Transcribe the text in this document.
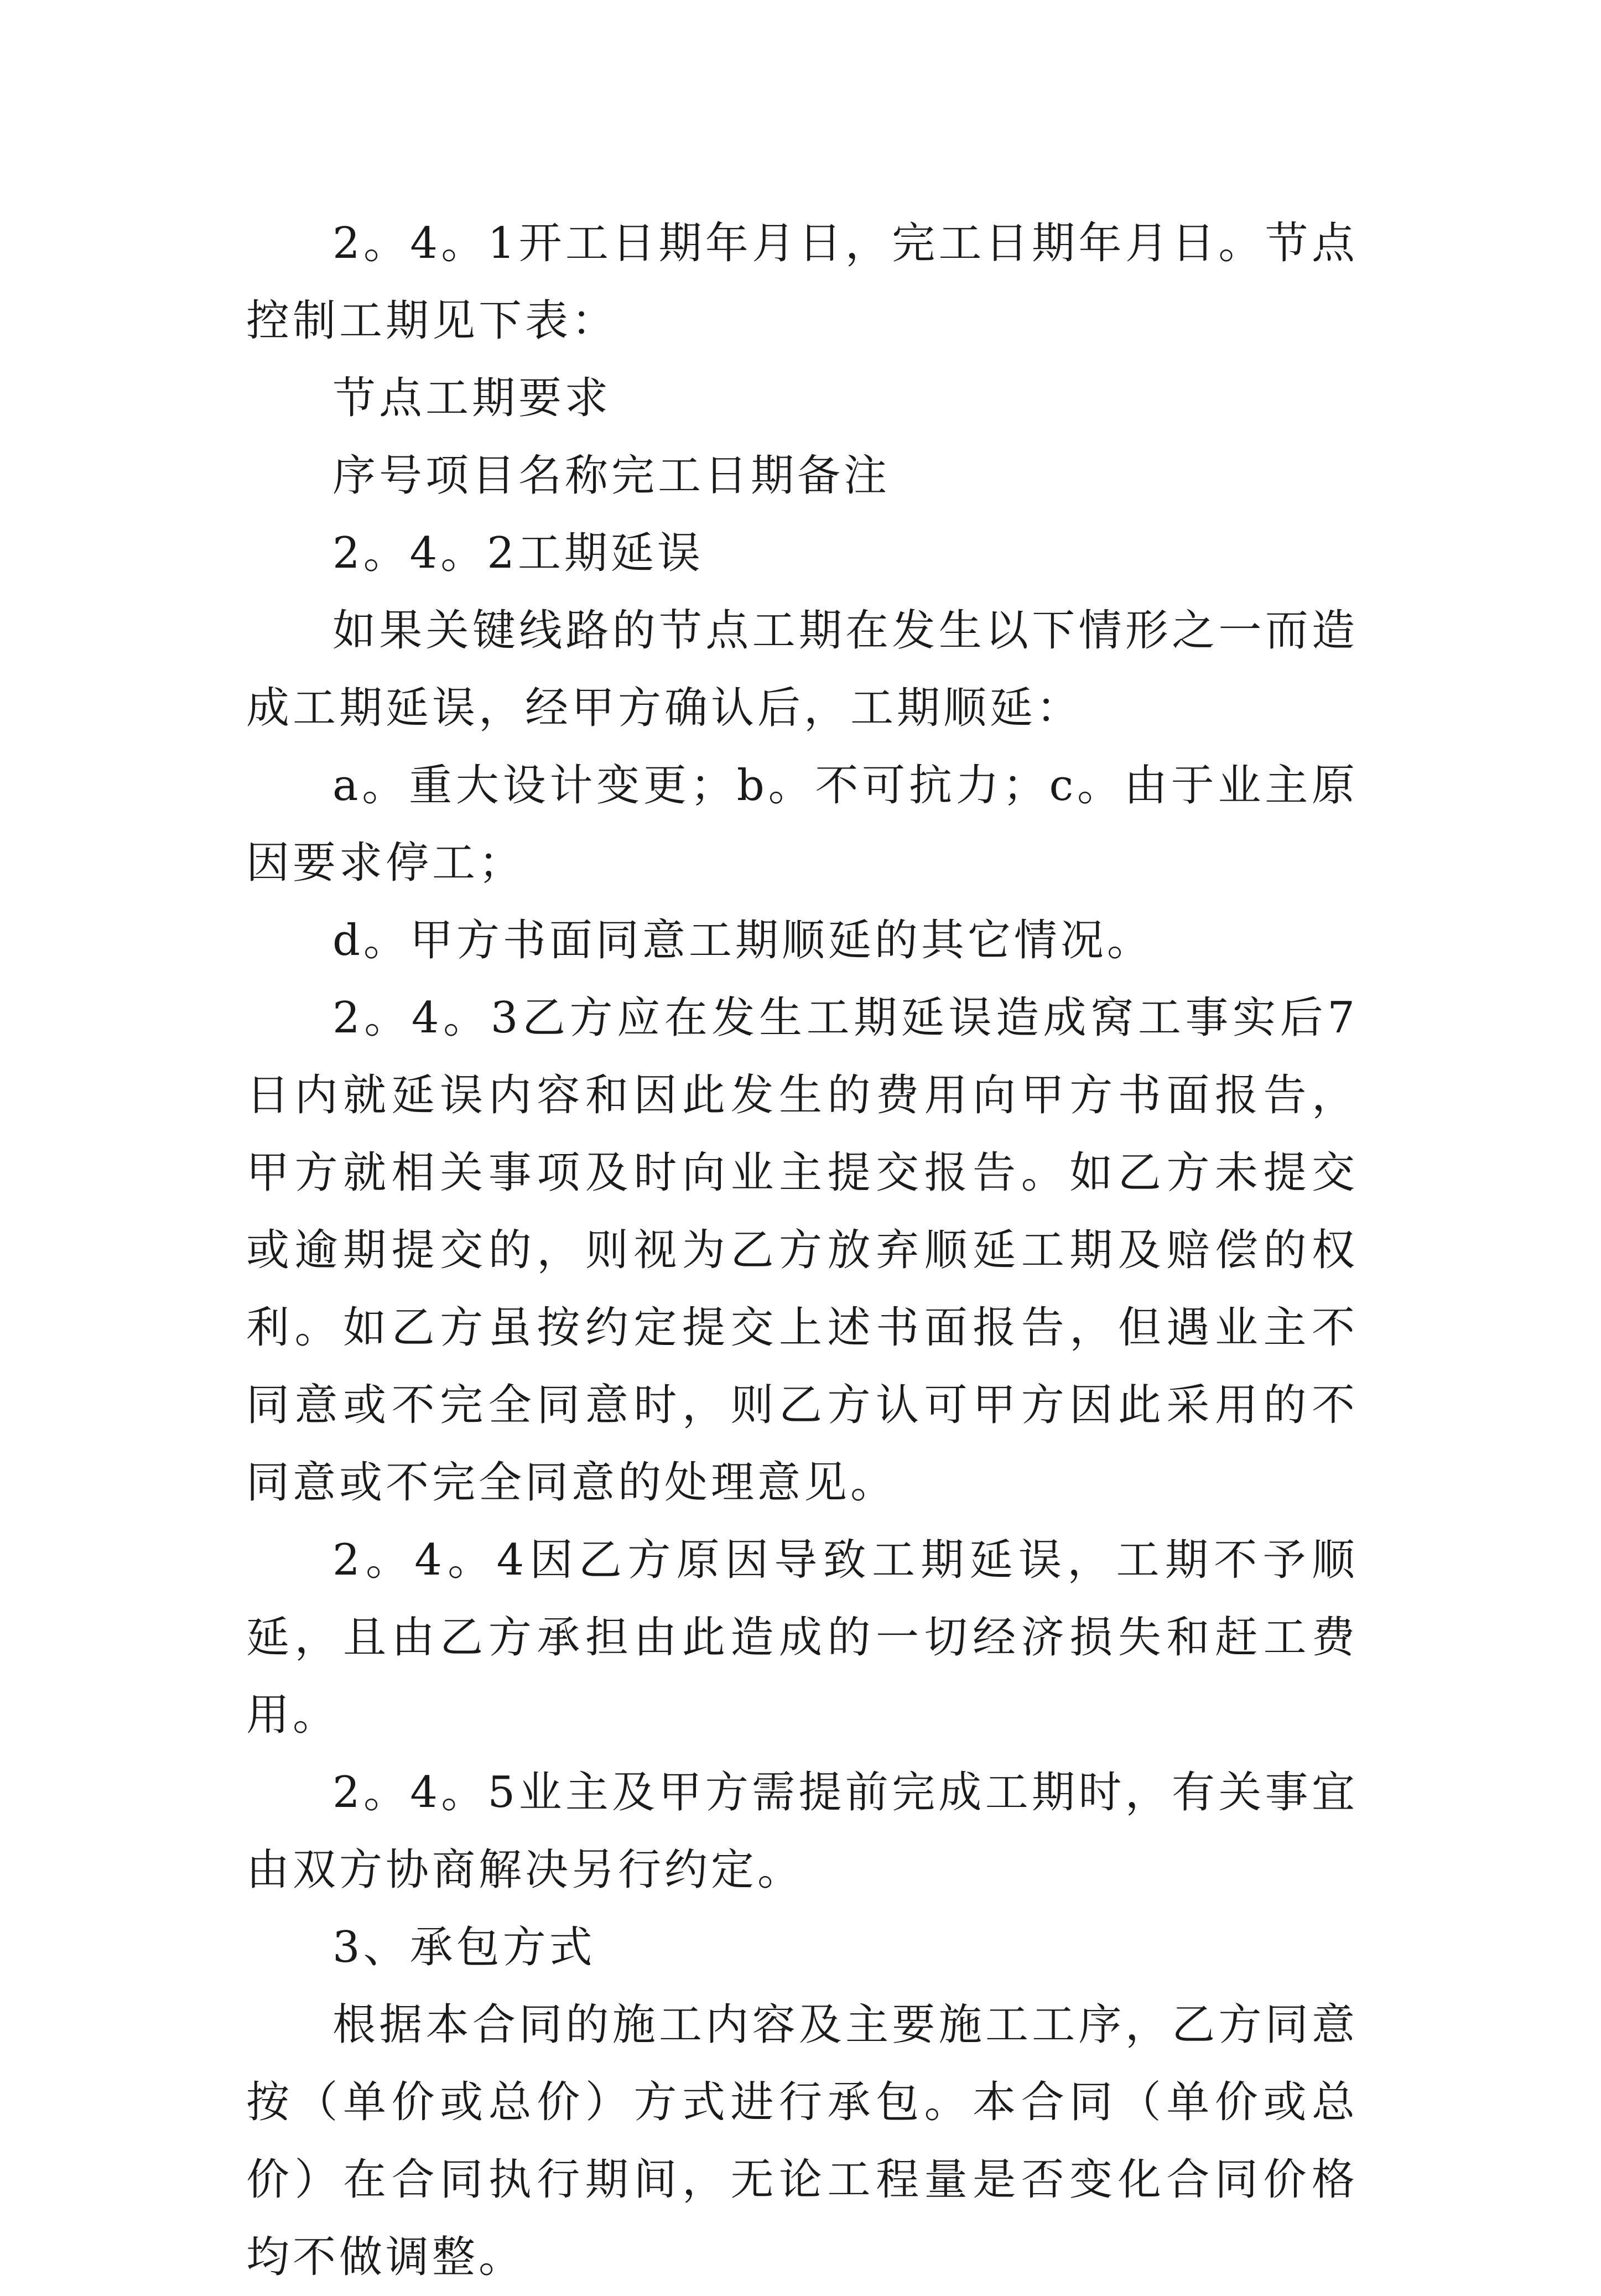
2。4。1开工日期年月日，完工日期年月日。节点控制工期见下表：

节点工期要求

序号项目名称完工日期备注

2。4。2工期延误

如果关键线路的节点工期在发生以下情形之一而造成工期延误，经甲方确认后，工期顺延：

a。重大设计变更；b。不可抗力；c。由于业主原因要求停工；

d。甲方书面同意工期顺延的其它情况。

2。4。3乙方应在发生工期延误造成窝工事实后7日内就延误内容和因此发生的费用向甲方书面报告，甲方就相关事项及时向业主提交报告。如乙方未提交或逾期提交的，则视为乙方放弃顺延工期及赔偿的权利。如乙方虽按约定提交上述书面报告，但遇业主不同意或不完全同意时，则乙方认可甲方因此采用的不同意或不完全同意的处理意见。

2。4。4因乙方原因导致工期延误，工期不予顺延，且由乙方承担由此造成的一切经济损失和赶工费用。

2。4。5业主及甲方需提前完成工期时，有关事宜由双方协商解决另行约定。

3、承包方式

根据本合同的施工内容及主要施工工序，乙方同意按（单价或总价）方式进行承包。本合同（单价或总价）在合同执行期间，无论工程量是否变化合同价格均不做调整。
